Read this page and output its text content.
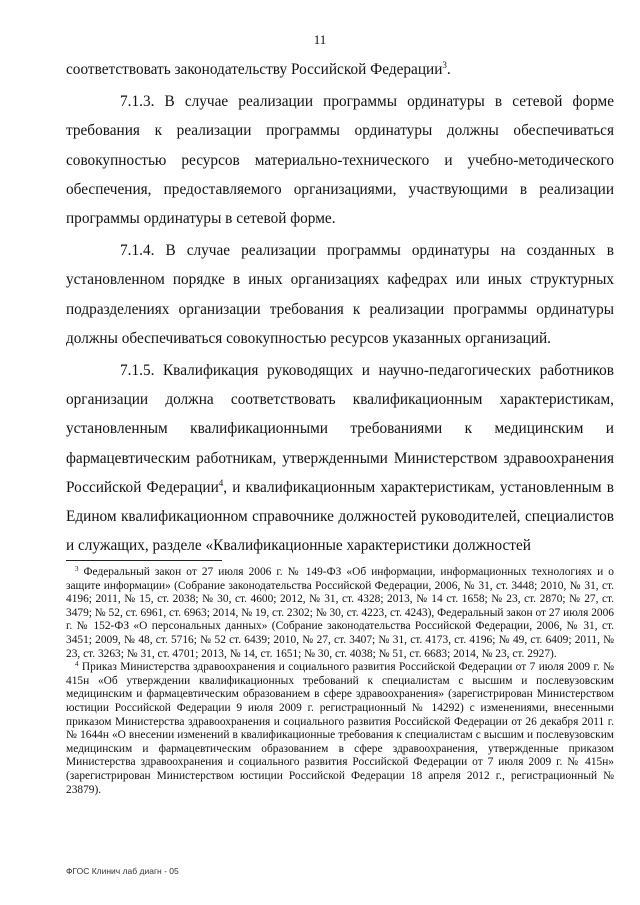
11

соответствовать законодательству Российской Федерации$^3$.

7.1.3. В случае реализации программы ординатуры в сетевой форме требования к реализации программы ординатуры должны обеспечиваться совокупностью ресурсов материально-технического и учебно-методического обеспечения, предоставляемого организациями, участвующими в реализации программы ординатуры в сетевой форме.

7.1.4. В случае реализации программы ординатуры на созданных в установленном порядке в иных организациях кафедрах или иных структурных подразделениях организации требования к реализации программы ординатуры должны обеспечиваться совокупностью ресурсов указанных организаций.

7.1.5. Квалификация руководящих и научно-педагогических работников организации должна соответствовать квалификационным характеристикам, установленным квалификационными требованиями к медицинским и фармацевтическим работникам, утвержденными Министерством здравоохранения Российской Федерации$^4$, и квалификационным характеристикам, установленным в Едином квалификационном справочнике должностей руководителей, специалистов и служащих, разделе «Квалификационные характеристики должностей

$^3$ Федеральный закон от 27 июля 2006 г. № 149-ФЗ «Об информации, информационных технологиях и о защите информации» (Собрание законодательства Российской Федерации, 2006, № 31, ст. 3448; 2010, № 31, ст. 4196; 2011, № 15, ст. 2038; № 30, ст. 4600; 2012, № 31, ст. 4328; 2013, № 14 ст. 1658; № 23, ст. 2870; № 27, ст. 3479; № 52, ст. 6961, ст. 6963; 2014, № 19, ст. 2302; № 30, ст. 4223, ст. 4243), Федеральный закон от 27 июля 2006 г. № 152-ФЗ «О персональных данных» (Собрание законодательства Российской Федерации, 2006, № 31, ст. 3451; 2009, № 48, ст. 5716; № 52 ст. 6439; 2010, № 27, ст. 3407; № 31, ст. 4173, ст. 4196; № 49, ст. 6409; 2011, № 23, ст. 3263; № 31, ст. 4701; 2013, № 14, ст. 1651; № 30, ст. 4038; № 51, ст. 6683; 2014, № 23, ст. 2927).

$^4$ Приказ Министерства здравоохранения и социального развития Российской Федерации от 7 июля 2009 г. № 415н «Об утверждении квалификационных требований к специалистам с высшим и послевузовским медицинским и фармацевтическим образованием в сфере здравоохранения» (зарегистрирован Министерством юстиции Российской Федерации 9 июля 2009 г. регистрационный № 14292) с изменениями, внесенными приказом Министерства здравоохранения и социального развития Российской Федерации от 26 декабря 2011 г. № 1644н «О внесении изменений в квалификационные требования к специалистам с высшим и послевузовским медицинским и фармацевтическим образованием в сфере здравоохранения, утвержденные приказом Министерства здравоохранения и социального развития Российской Федерации от 7 июля 2009 г. № 415н» (зарегистрирован Министерством юстиции Российской Федерации 18 апреля 2012 г., регистрационный № 23879).

ФГОС Клинич лаб диагн - 05
